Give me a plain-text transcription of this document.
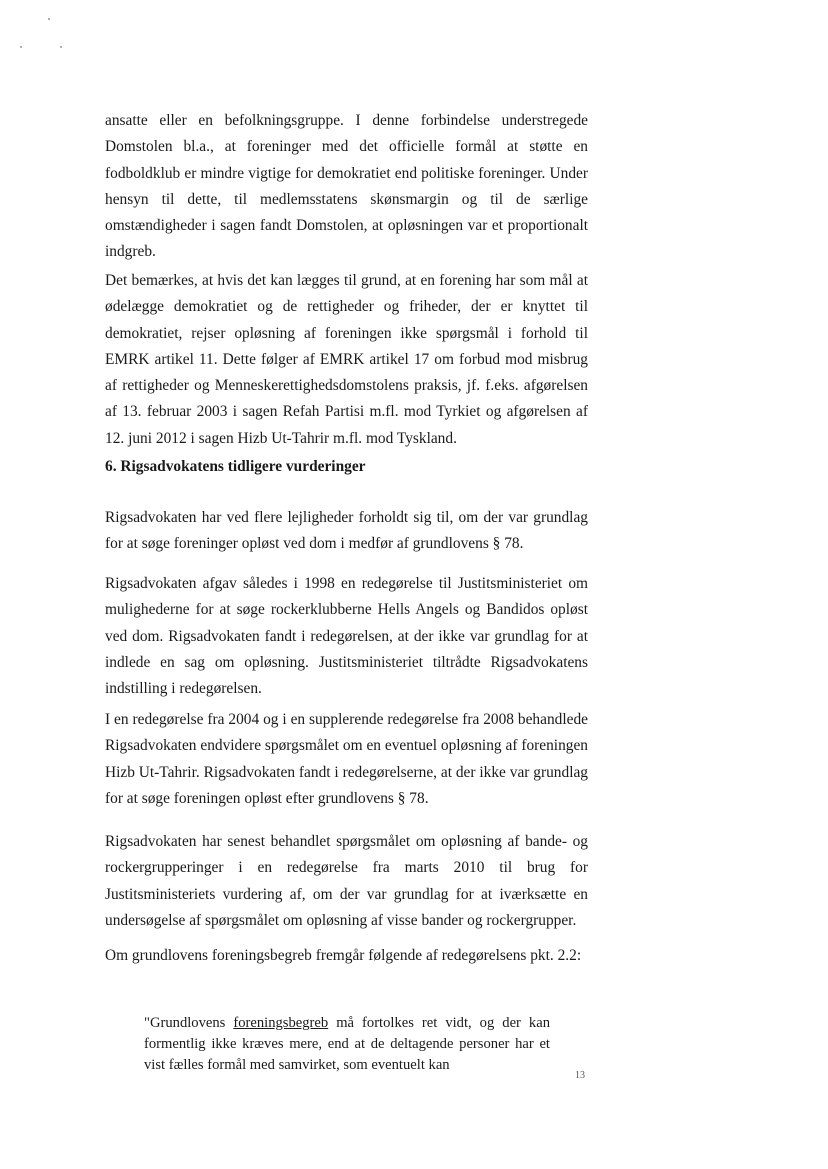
ansatte eller en befolkningsgruppe. I denne forbindelse understregede Domstolen bl.a., at foreninger med det officielle formål at støtte en fodboldklub er mindre vigtige for demokratiet end politiske foreninger. Under hensyn til dette, til medlemsstatens skønsmargin og til de særlige omstændigheder i sagen fandt Domstolen, at opløsningen var et proportionalt indgreb.

Det bemærkes, at hvis det kan lægges til grund, at en forening har som mål at ødelægge demokratiet og de rettigheder og friheder, der er knyttet til demokratiet, rejser opløsning af foreningen ikke spørgsmål i forhold til EMRK artikel 11. Dette følger af EMRK artikel 17 om forbud mod misbrug af rettigheder og Menneskerettighedsdomstolens praksis, jf. f.eks. afgørelsen af 13. februar 2003 i sagen Refah Partisi m.fl. mod Tyrkiet og afgørelsen af 12. juni 2012 i sagen Hizb Ut-Tahrir m.fl. mod Tyskland.

6. Rigsadvokatens tidligere vurderinger

Rigsadvokaten har ved flere lejligheder forholdt sig til, om der var grundlag for at søge foreninger opløst ved dom i medfør af grundlovens § 78.

Rigsadvokaten afgav således i 1998 en redegørelse til Justitsministeriet om mulighederne for at søge rockerklubberne Hells Angels og Bandidos opløst ved dom. Rigsadvokaten fandt i redegørelsen, at der ikke var grundlag for at indlede en sag om opløsning. Justitsministeriet tiltrådte Rigsadvokatens indstilling i redegørelsen.

I en redegørelse fra 2004 og i en supplerende redegørelse fra 2008 behandlede Rigsadvokaten endvidere spørgsmålet om en eventuel opløsning af foreningen Hizb Ut-Tahrir. Rigsadvokaten fandt i redegørelserne, at der ikke var grundlag for at søge foreningen opløst efter grundlovens § 78.

Rigsadvokaten har senest behandlet spørgsmålet om opløsning af bande- og rockergrupperinger i en redegørelse fra marts 2010 til brug for Justitsministeriets vurdering af, om der var grundlag for at iværksætte en undersøgelse af spørgsmålet om opløsning af visse bander og rockergrupper.

Om grundlovens foreningsbegreb fremgår følgende af redegørelsens pkt. 2.2:

"Grundlovens foreningsbegreb må fortolkes ret vidt, og der kan formentlig ikke kræves mere, end at de deltagende personer har et vist fælles formål med samvirket, som eventuelt kan

13
